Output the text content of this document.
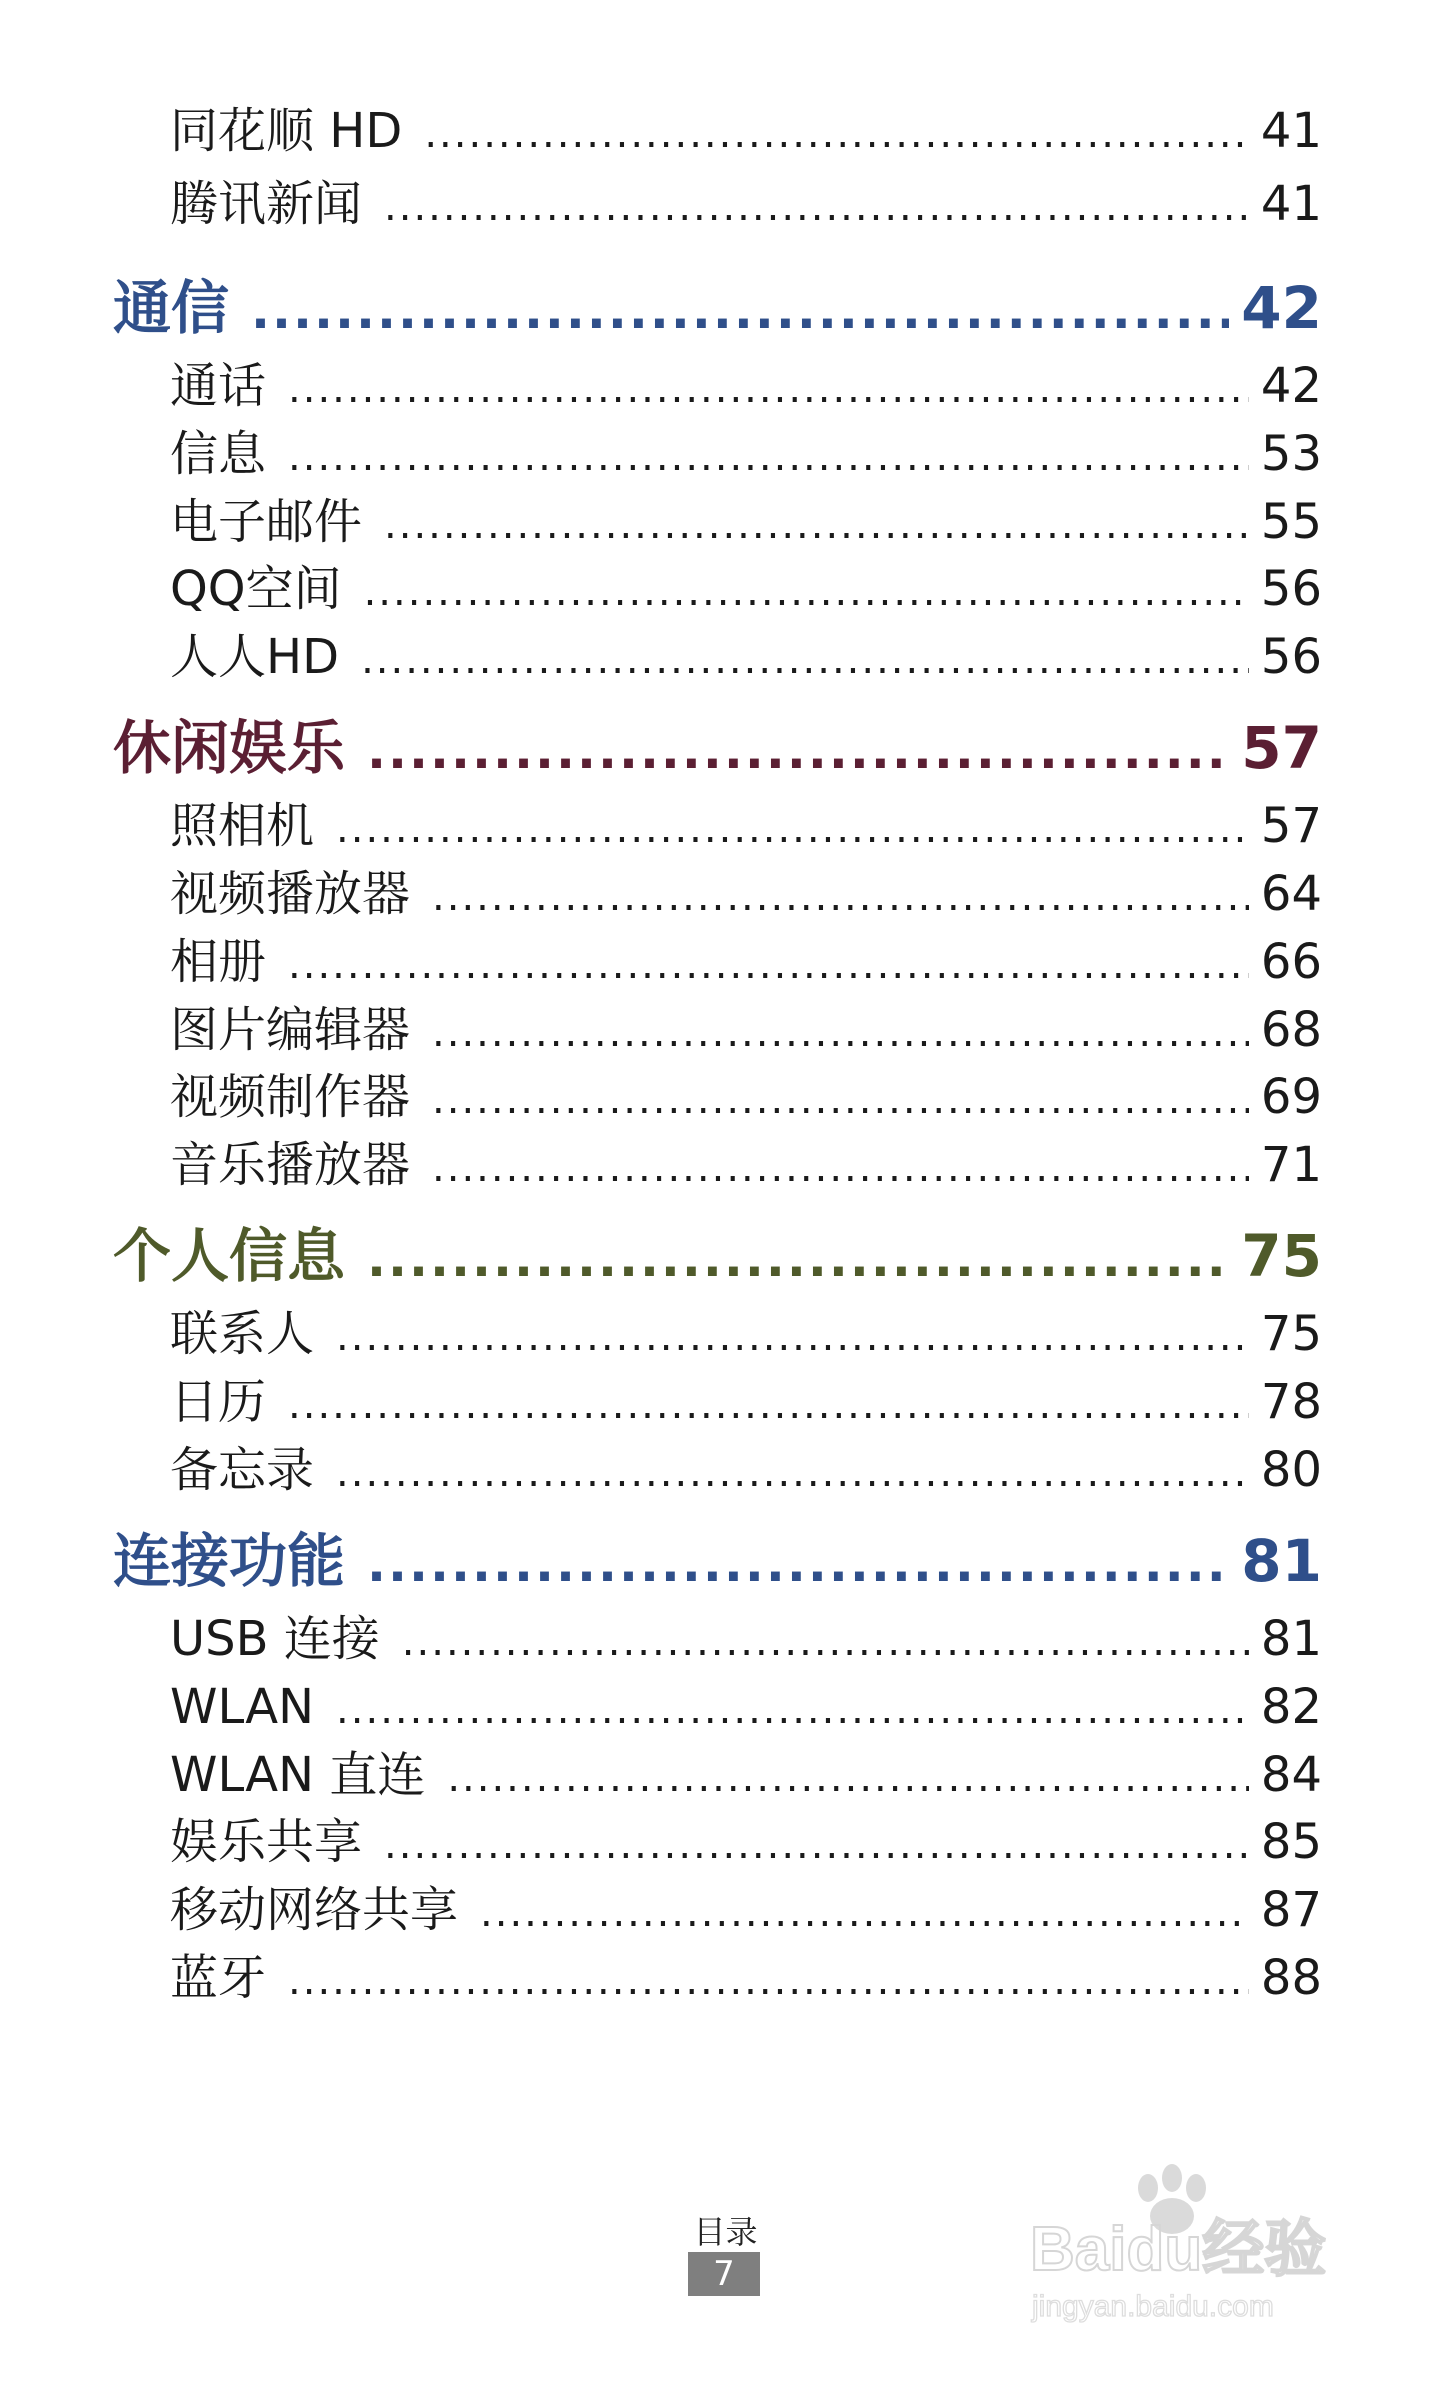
同花顺 HD .....	41
腾讯新闻 .....	41
通信 .....	42
通话 .....	42
信息 .....	53
电子邮件 .....	55
QQ空间 .....	56
人人HD .....	56
休闲娱乐 .....	57
照相机 .....	57
视频播放器 .....	64
相册 .....	66
图片编辑器 .....	68
视频制作器 .....	69
音乐播放器 .....	71
个人信息 .....	75
联系人 .....	75
日历 .....	78
备忘录 .....	80
连接功能 .....	81
USB 连接 .....	81
WLAN .....	82
WLAN 直连 .....	84
娱乐共享 .....	85
移动网络共享 .....	87
蓝牙 .....	88
目录
7	Baidu经验
jingyan.baidu.com
